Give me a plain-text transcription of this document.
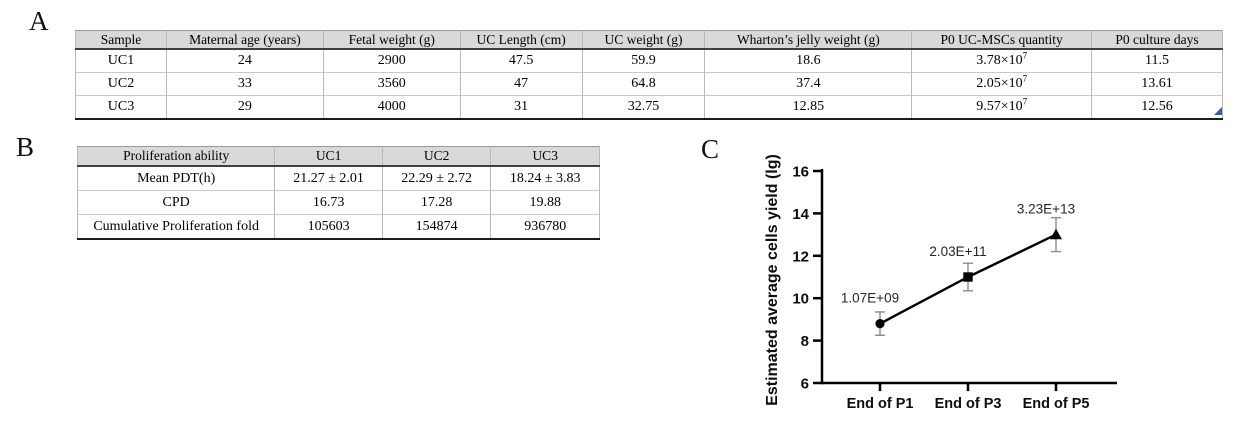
A
Sample	Maternal age (years)	Fetal weight (g)	UC Length (cm)	UC weight (g)	Wharton’s jelly weight (g)	P0 UC-MSCs quantity	P0 culture days
UC1	24	2900	47.5	59.9	18.6	$3.78\times 10^7$	11.5
UC2	33	3560	47	64.8	37.4	$2.05\times 10^7$	13.61
UC3	29	4000	31	32.75	12.85	$9.57\times 10^7$	12.56
B	Proliferation ability	UC1	UC2	UC3
Mean PDT(h)	21.27 ± 2.01	22.29 ± 2.72	18.24 ± 3.83
CPD	16.73	17.28	19.88
Cumulative Proliferation fold	105603	154874	936780
C
6
8
10
12
14
16
End of P1 End of P3 End of P5
Estimated average cells yield (lg)	1.07E+09
2.03E+11
3.23E+13
